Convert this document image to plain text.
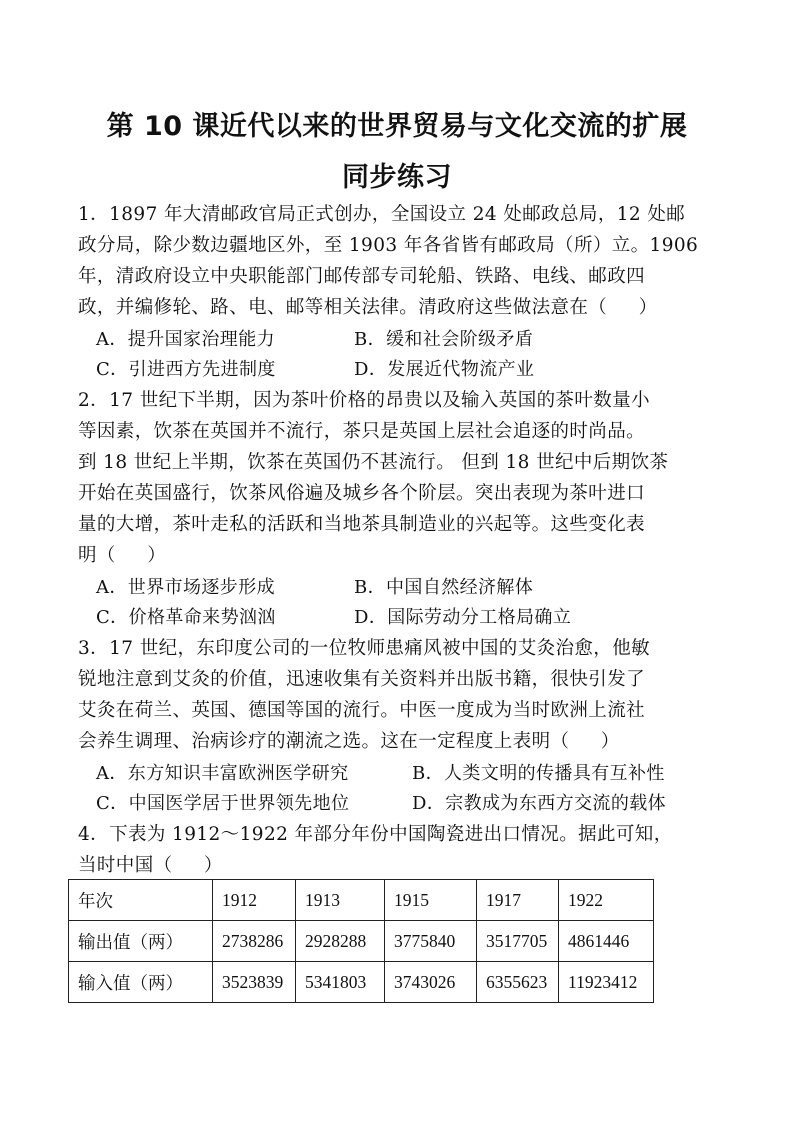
第 10 课近代以来的世界贸易与文化交流的扩展
同步练习
1．1897 年大清邮政官局正式创办，全国设立 24 处邮政总局，12 处邮
政分局，除少数边疆地区外，至 1903 年各省皆有邮政局（所）立。1906
年，清政府设立中央职能部门邮传部专司轮船、铁路、电线、邮政四
政，并编修轮、路、电、邮等相关法律。清政府这些做法意在（     ）
A．提升国家治理能力	B．缓和社会阶级矛盾
C．引进西方先进制度	D．发展近代物流产业
2．17 世纪下半期，因为茶叶价格的昂贵以及输入英国的茶叶数量小
等因素，饮茶在英国并不流行，茶只是英国上层社会追逐的时尚品。
到 18 世纪上半期，饮茶在英国仍不甚流行。 但到 18 世纪中后期饮茶
开始在英国盛行，饮茶风俗遍及城乡各个阶层。突出表现为茶叶进口
量的大增，茶叶走私的活跃和当地茶具制造业的兴起等。这些变化表
明（     ）
A．世界市场逐步形成	B．中国自然经济解体
C．价格革命来势汹汹	D．国际劳动分工格局确立
3．17 世纪，东印度公司的一位牧师患痛风被中国的艾灸治愈，他敏
锐地注意到艾灸的价值，迅速收集有关资料并出版书籍，很快引发了
艾灸在荷兰、英国、德国等国的流行。中医一度成为当时欧洲上流社
会养生调理、治病诊疗的潮流之选。这在一定程度上表明（     ）
A．东方知识丰富欧洲医学研究	B．人类文明的传播具有互补性
C．中国医学居于世界领先地位	D．宗教成为东西方交流的载体
4．下表为 1912～1922 年部分年份中国陶瓷进出口情况。据此可知，
当时中国（     ）
年次	1912	1913	1915	1917	1922
输出值（两）	2738286	2928288	3775840	3517705	4861446
输入值（两）	3523839	5341803	3743026	6355623	11923412
